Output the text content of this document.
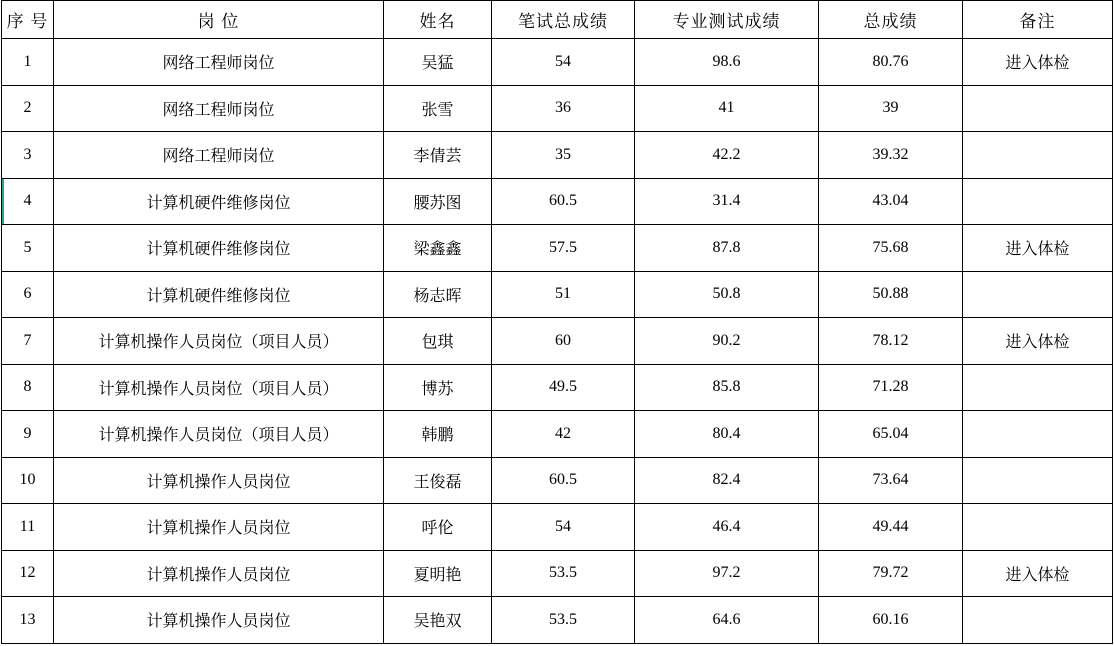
序 号	岗 位	姓名	笔试总成绩	专业测试成绩	总成绩	备注
1	网络工程师岗位	吴猛	54	98.6	80.76	进入体检
2	网络工程师岗位	张雪	36	41	39	
3	网络工程师岗位	李倩芸	35	42.2	39.32	
4	计算机硬件维修岗位	腰苏图	60.5	31.4	43.04	
5	计算机硬件维修岗位	梁鑫鑫	57.5	87.8	75.68	进入体检
6	计算机硬件维修岗位	杨志晖	51	50.8	50.88	
7	计算机操作人员岗位（项目人员）	包琪	60	90.2	78.12	进入体检
8	计算机操作人员岗位（项目人员）	博苏	49.5	85.8	71.28	
9	计算机操作人员岗位（项目人员）	韩鹏	42	80.4	65.04	
10	计算机操作人员岗位	王俊磊	60.5	82.4	73.64	
11	计算机操作人员岗位	呼伦	54	46.4	49.44	
12	计算机操作人员岗位	夏明艳	53.5	97.2	79.72	进入体检
13	计算机操作人员岗位	吴艳双	53.5	64.6	60.16	
